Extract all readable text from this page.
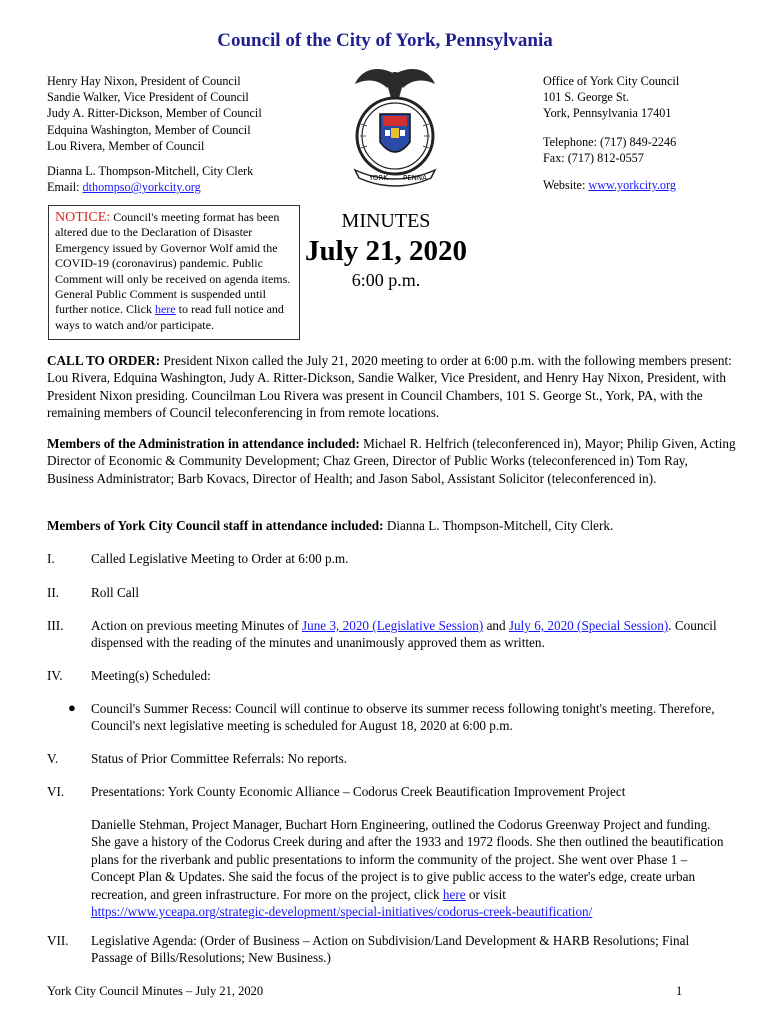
Council of the City of York, Pennsylvania
Henry Hay Nixon, President of Council
Sandie Walker, Vice President of Council
Judy A. Ritter-Dickson, Member of Council
Edquina Washington, Member of Council
Lou Rivera, Member of Council
Dianna L. Thompson-Mitchell, City Clerk
Email: dthompso@yorkcity.org
YORK PENNA
Office of York City Council
101 S. George St.
York, Pennsylvania 17401
Telephone: (717) 849-2246
Fax: (717) 812-0557
Website: www.yorkcity.org
NOTICE: Council's meeting format has been altered due to the Declaration of Disaster Emergency issued by Governor Wolf amid the COVID-19 (coronavirus) pandemic. Public Comment will only be received on agenda items. General Public Comment is suspended until further notice. Click here to read full notice and ways to watch and/or participate.
MINUTES
July 21, 2020
6:00 p.m.
CALL TO ORDER: President Nixon called the July 21, 2020 meeting to order at 6:00 p.m. with the following members present: Lou Rivera, Edquina Washington, Judy A. Ritter-Dickson, Sandie Walker, Vice President, and Henry Hay Nixon, President, with President Nixon presiding. Councilman Lou Rivera was present in Council Chambers, 101 S. George St., York, PA, with the remaining members of Council teleconferencing in from remote locations.
Members of the Administration in attendance included: Michael R. Helfrich (teleconferenced in), Mayor; Philip Given, Acting Director of Economic & Community Development; Chaz Green, Director of Public Works (teleconferenced in) Tom Ray, Business Administrator; Barb Kovacs, Director of Health; and Jason Sabol, Assistant Solicitor (teleconferenced in).
Members of York City Council staff in attendance included: Dianna L. Thompson-Mitchell, City Clerk.
I.	Called Legislative Meeting to Order at 6:00 p.m.
II. Roll Call
III. Action on previous meeting Minutes of June 3, 2020 (Legislative Session) and July 6, 2020 (Special Session). Council dispensed with the reading of the minutes and unanimously approved them as written.
IV. Meeting(s) Scheduled:
● Council's Summer Recess: Council will continue to observe its summer recess following tonight's meeting. Therefore, Council's next legislative meeting is scheduled for August 18, 2020 at 6:00 p.m.
V. Status of Prior Committee Referrals: No reports.
VI. Presentations: York County Economic Alliance – Codorus Creek Beautification Improvement Project
Danielle Stehman, Project Manager, Buchart Horn Engineering, outlined the Codorus Greenway Project and funding. She gave a history of the Codorus Creek during and after the 1933 and 1972 floods. She then outlined the beautification plans for the riverbank and public presentations to inform the community of the project. She went over Phase 1 – Concept Plan & Updates. She said the focus of the project is to give public access to the water's edge, create urban recreation, and green infrastructure. For more on the project, click here or visit
https://www.yceapa.org/strategic-development/special-initiatives/codorus-creek-beautification/
VII. Legislative Agenda: (Order of Business – Action on Subdivision/Land Development & HARB Resolutions; Final Passage of Bills/Resolutions; New Business.)
York City Council Minutes – July 21, 2020	1
